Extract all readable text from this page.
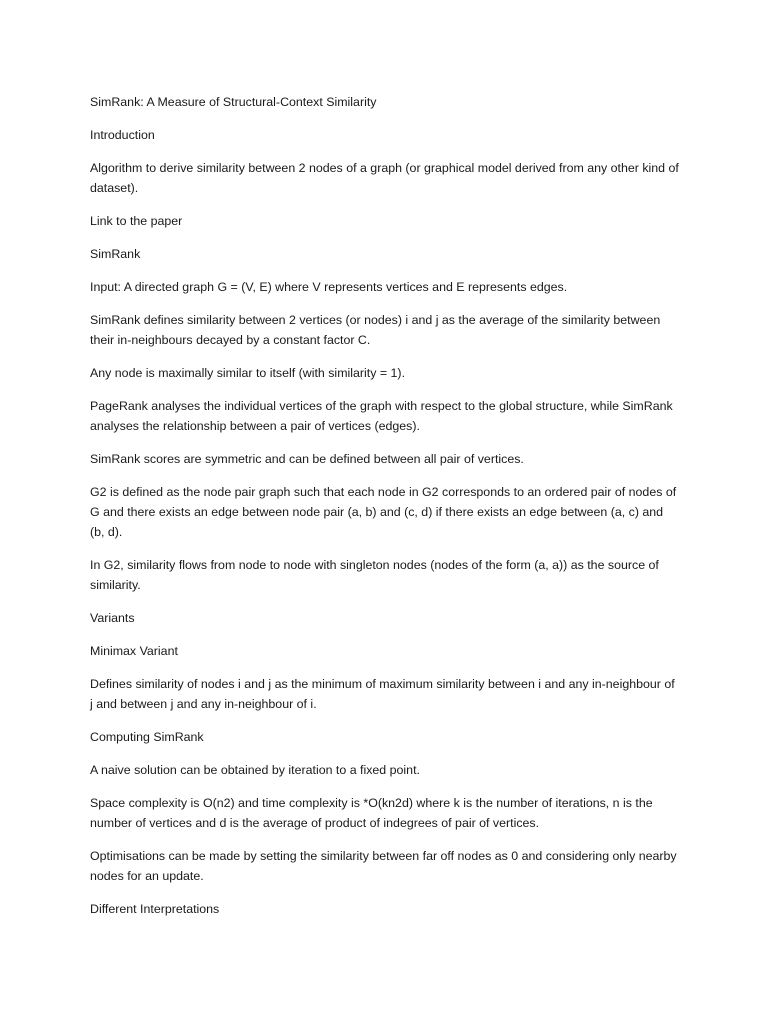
SimRank: A Measure of Structural-Context Similarity

Introduction

Algorithm to derive similarity between 2 nodes of a graph (or graphical model derived from any other kind of dataset).

Link to the paper

SimRank

Input: A directed graph G = (V, E) where V represents vertices and E represents edges.

SimRank defines similarity between 2 vertices (or nodes) i and j as the average of the similarity between their in-neighbours decayed by a constant factor C.

Any node is maximally similar to itself (with similarity = 1).

PageRank analyses the individual vertices of the graph with respect to the global structure, while SimRank analyses the relationship between a pair of vertices (edges).

SimRank scores are symmetric and can be defined between all pair of vertices.

G2 is defined as the node pair graph such that each node in G2 corresponds to an ordered pair of nodes of G and there exists an edge between node pair (a, b) and (c, d) if there exists an edge between (a, c) and (b, d).

In G2, similarity flows from node to node with singleton nodes (nodes of the form (a, a)) as the source of similarity.

Variants

Minimax Variant

Defines similarity of nodes i and j as the minimum of maximum similarity between i and any in-neighbour of j and between j and any in-neighbour of i.

Computing SimRank

A naive solution can be obtained by iteration to a fixed point.

Space complexity is O(n2) and time complexity is *O(kn2d) where k is the number of iterations, n is the number of vertices and d is the average of product of indegrees of pair of vertices.

Optimisations can be made by setting the similarity between far off nodes as 0 and considering only nearby nodes for an update.

Different Interpretations
